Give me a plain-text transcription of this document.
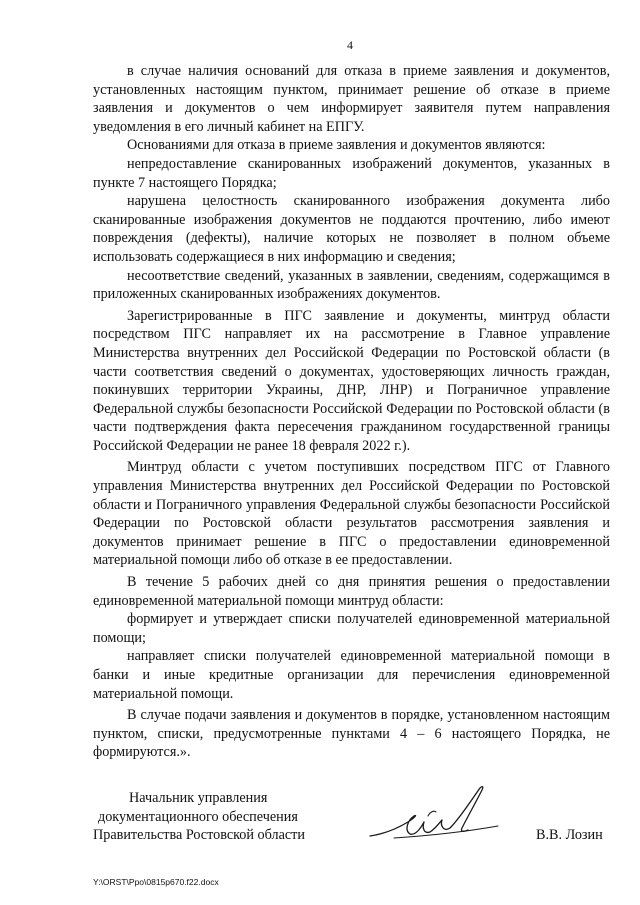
4

в случае наличия оснований для отказа в приеме заявления и документов, установленных настоящим пунктом, принимает решение об отказе в приеме заявления и документов о чем информирует заявителя путем направления уведомления в его личный кабинет на ЕПГУ.

Основаниями для отказа в приеме заявления и документов являются:

непредоставление сканированных изображений документов, указанных в пункте 7 настоящего Порядка;

нарушена целостность сканированного изображения документа либо сканированные изображения документов не поддаются прочтению, либо имеют повреждения (дефекты), наличие которых не позволяет в полном объеме использовать содержащиеся в них информацию и сведения;

несоответствие сведений, указанных в заявлении, сведениям, содержащимся в приложенных сканированных изображениях документов.

Зарегистрированные в ПГС заявление и документы, минтруд области посредством ПГС направляет их на рассмотрение в Главное управление Министерства внутренних дел Российской Федерации по Ростовской области (в части соответствия сведений о документах, удостоверяющих личность граждан, покинувших территории Украины, ДНР, ЛНР) и Пограничное управление Федеральной службы безопасности Российской Федерации по Ростовской области (в части подтверждения факта пересечения гражданином государственной границы Российской Федерации не ранее 18 февраля 2022 г.).

Минтруд области с учетом поступивших посредством ПГС от Главного управления Министерства внутренних дел Российской Федерации по Ростовской области и Пограничного управления Федеральной службы безопасности Российской Федерации по Ростовской области результатов рассмотрения заявления и документов принимает решение в ПГС о предоставлении единовременной материальной помощи либо об отказе в ее предоставлении.

В течение 5 рабочих дней со дня принятия решения о предоставлении единовременной материальной помощи минтруд области:

формирует и утверждает списки получателей единовременной материальной помощи;

направляет списки получателей единовременной материальной помощи в банки и иные кредитные организации для перечисления единовременной материальной помощи.

В случае подачи заявления и документов в порядке, установленном настоящим пунктом, списки, предусмотренные пунктами 4 – 6 настоящего Порядка, не формируются.».

Начальник управления
документационного обеспечения
Правительства Ростовской области	В.В. Лозин
Y:\ORST\Ppo\0815p670.f22.docx
